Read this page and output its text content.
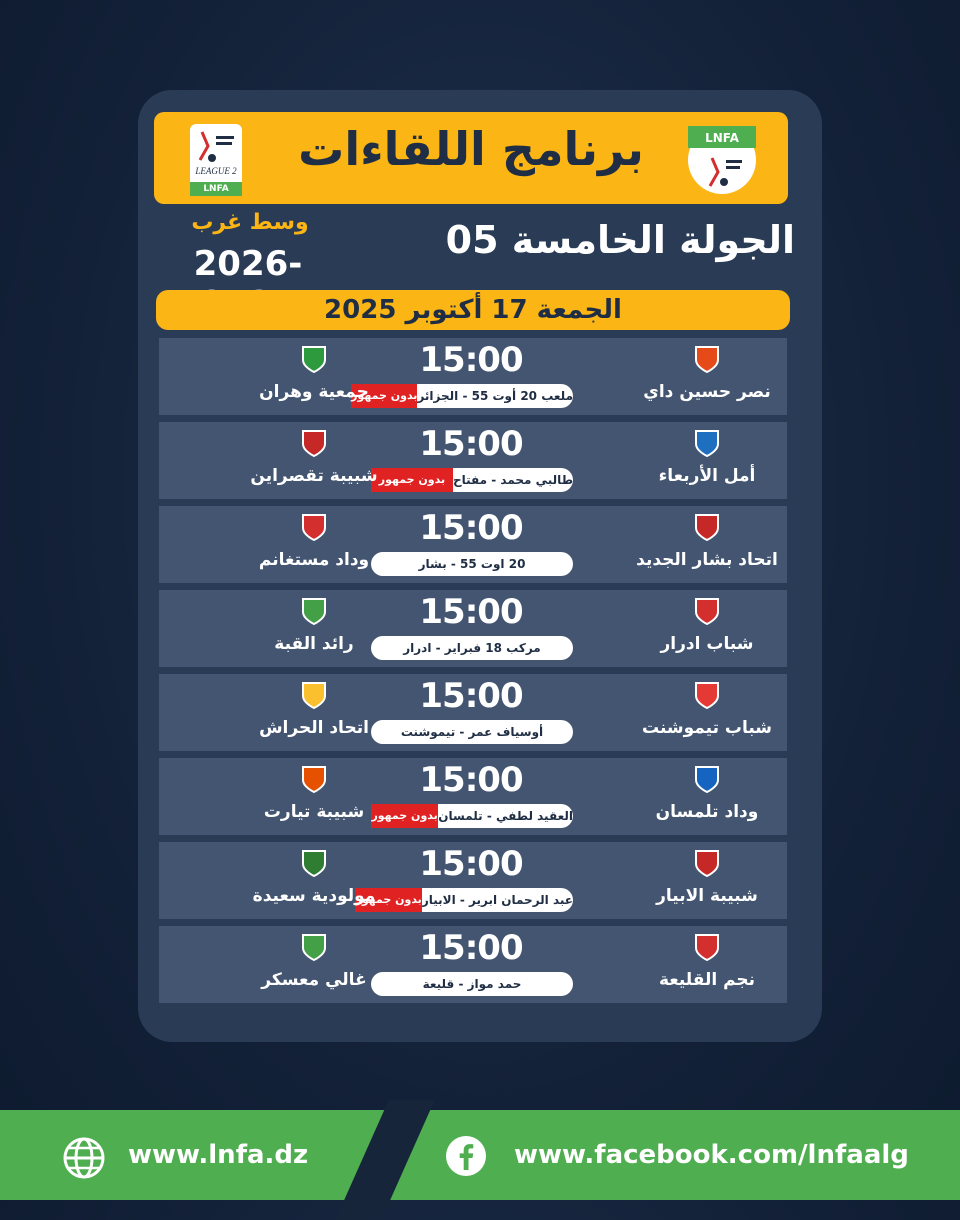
برنامج اللقاءات	LNFA
LEAGUE 2
LNFA
الجولة الخامسة 05
وسط غرب
2026-
الجمعة 17 أكتوبر 2025
نصر حسين داي
15:00
ملعب 20 أوت 55 - الجزائر
بدون جمهور
جمعية وهران
أمل الأربعاء
15:00
طالبي محمد - مفتاح
بدون جمهور
شبيبة تقصراين
اتحاد بشار الجديد
15:00
20 اوت 55 - بشار
وداد مستغانم
شباب ادرار
15:00
مركب 18 فبراير - ادرار
رائد القبة
شباب تيموشنت
15:00
أوسياف عمر - تيموشنت
اتحاد الحراش
وداد تلمسان
15:00
العقيد لطفي - تلمسان
بدون جمهور
شبيبة تيارت
شبيبة الابيار
15:00
عبد الرحمان ابرير - الابيار
بدون جمهور
مولودية سعيدة
نجم القليعة
15:00
حمد مواز - قليعة
غالي معسكر
www.lnfa.dz	www.facebook.com/lnfaalg
